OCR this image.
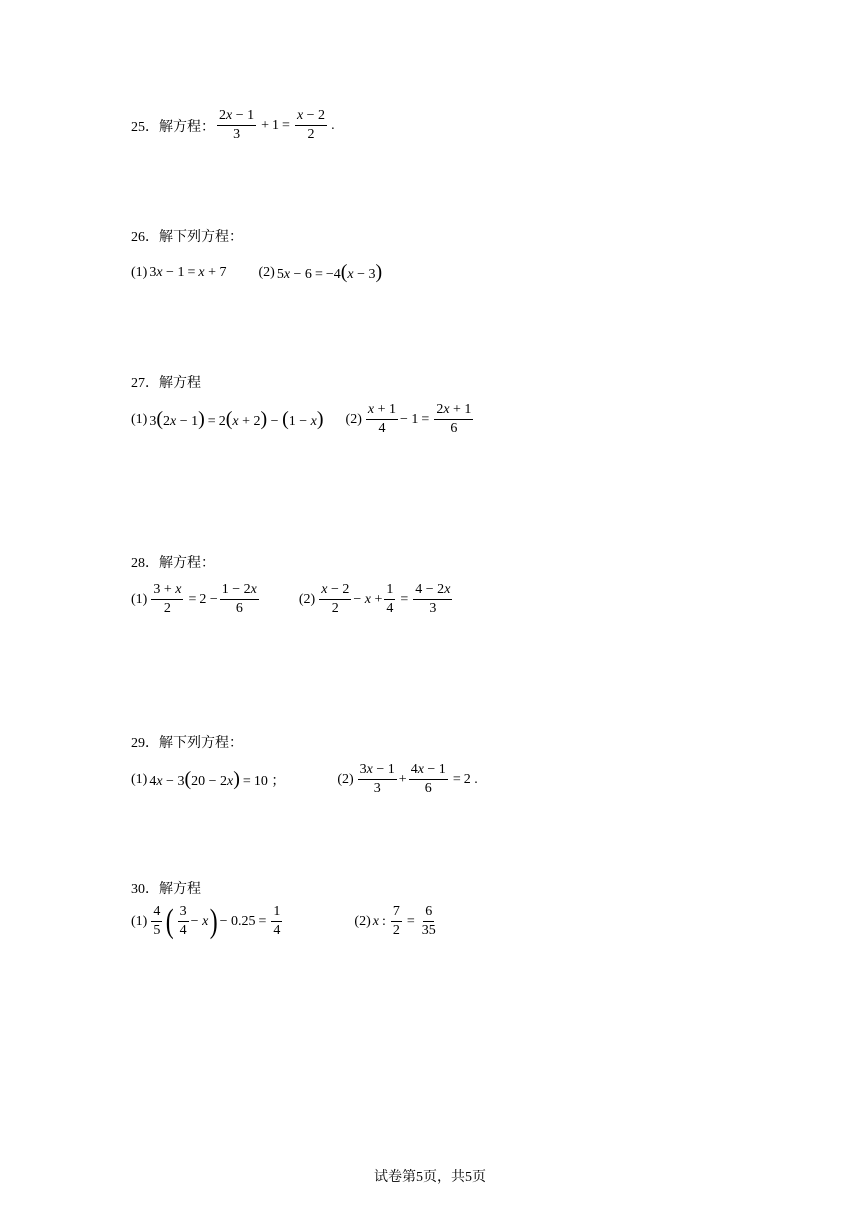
25． 解方程： $\frac{2x - 1}{3} + 1 = \frac{x - 2}{2}$ .
26．解下列方程：
(1) 3x − 1 = x + 7 (2) 5x − 6 = −4(x − 3)
27．解方程
(1) 3(2x − 1) = 2(x + 2) − (1 − x) $(2) \frac{x + 1}{4} - 1 = \frac{2x + 1}{6}$
28．解方程：
$(1) \frac{3 + x}{2} = 2 - \frac{1 - 2x}{6}$	$(2) \frac{x - 2}{2} - x + \frac{1}{4} = \frac{4 - 2x}{3}$
29．解下列方程：
(1) 4x − 3(20 − 2x) = 10 ；	$(2) \frac{3x - 1}{3} + \frac{4x - 1}{6} = 2$ .
30．解方程
$(1) \frac{4}{5}$ ( $\frac{3}{4} - x$ ) − $0.25 = \frac{1}{4}$	(2) x : $\frac{7}{2} = \frac{6}{35}$
试卷第5页，共5页
